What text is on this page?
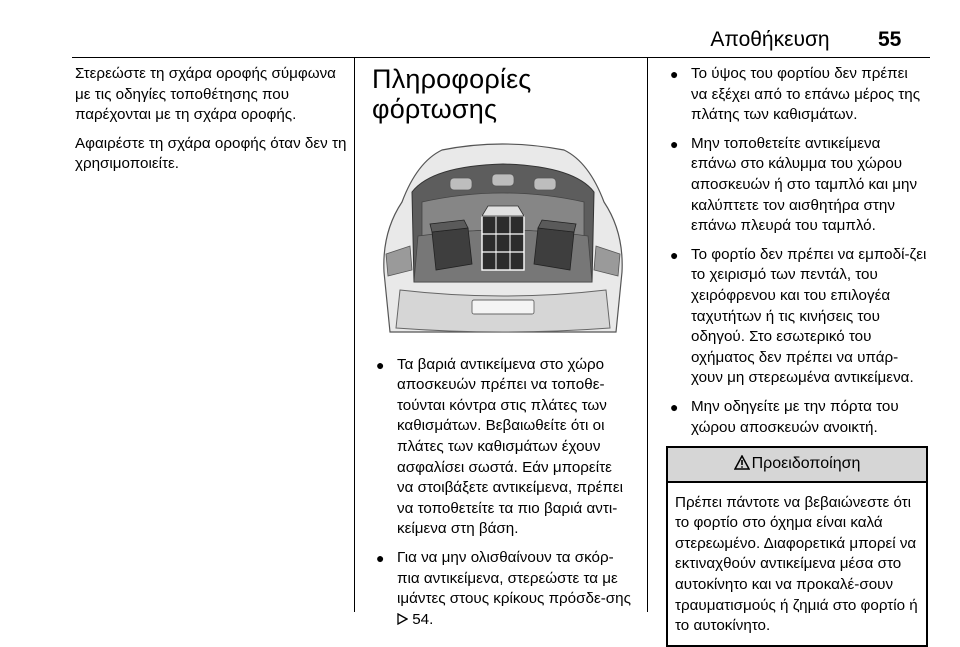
Αποθήκευση	55

Στερεώστε τη σχάρα οροφής σύμφωνα με τις οδηγίες τοποθέτησης που παρέχονται με τη σχάρα οροφής.

Αφαιρέστε τη σχάρα οροφής όταν δεν τη χρησιμοποιείτε.

Πληροφορίες
φόρτωσης
● Τα βαριά αντικείμενα στο χώρο αποσκευών πρέπει να τοποθε-τούνται κόντρα στις πλάτες των καθισμάτων. Βεβαιωθείτε ότι οι πλάτες των καθισμάτων έχουν ασφαλίσει σωστά. Εάν μπορείτε να στοιβάξετε αντικείμενα, πρέπει να τοποθετείτε τα πιο βαριά αντι-κείμενα στη βάση.
● Για να μην ολισθαίνουν τα σκόρ-πια αντικείμενα, στερεώστε τα με ιμάντες στους κρίκους πρόσδε-σης  54.
● Το ύψος του φορτίου δεν πρέπει να εξέχει από το επάνω μέρος της πλάτης των καθισμάτων.
● Μην τοποθετείτε αντικείμενα επάνω στο κάλυμμα του χώρου αποσκευών ή στο ταμπλό και μην καλύπτετε τον αισθητήρα στην επάνω πλευρά του ταμπλό.
● Το φορτίο δεν πρέπει να εμποδί-ζει το χειρισμό των πεντάλ, του χειρόφρενου και του επιλογέα ταχυτήτων ή τις κινήσεις του οδηγού. Στο εσωτερικό του οχήματος δεν πρέπει να υπάρ-χουν μη στερεωμένα αντικείμενα.
● Μην οδηγείτε με την πόρτα του χώρου αποσκευών ανοικτή.
Προειδοποίηση
Πρέπει πάντοτε να βεβαιώνεστε ότι το φορτίο στο όχημα είναι καλά στερεωμένο. Διαφορετικά μπορεί να εκτιναχθούν αντικείμενα μέσα στο αυτοκίνητο και να προκαλέ-σουν τραυματισμούς ή ζημιά στο φορτίο ή το αυτοκίνητο.
